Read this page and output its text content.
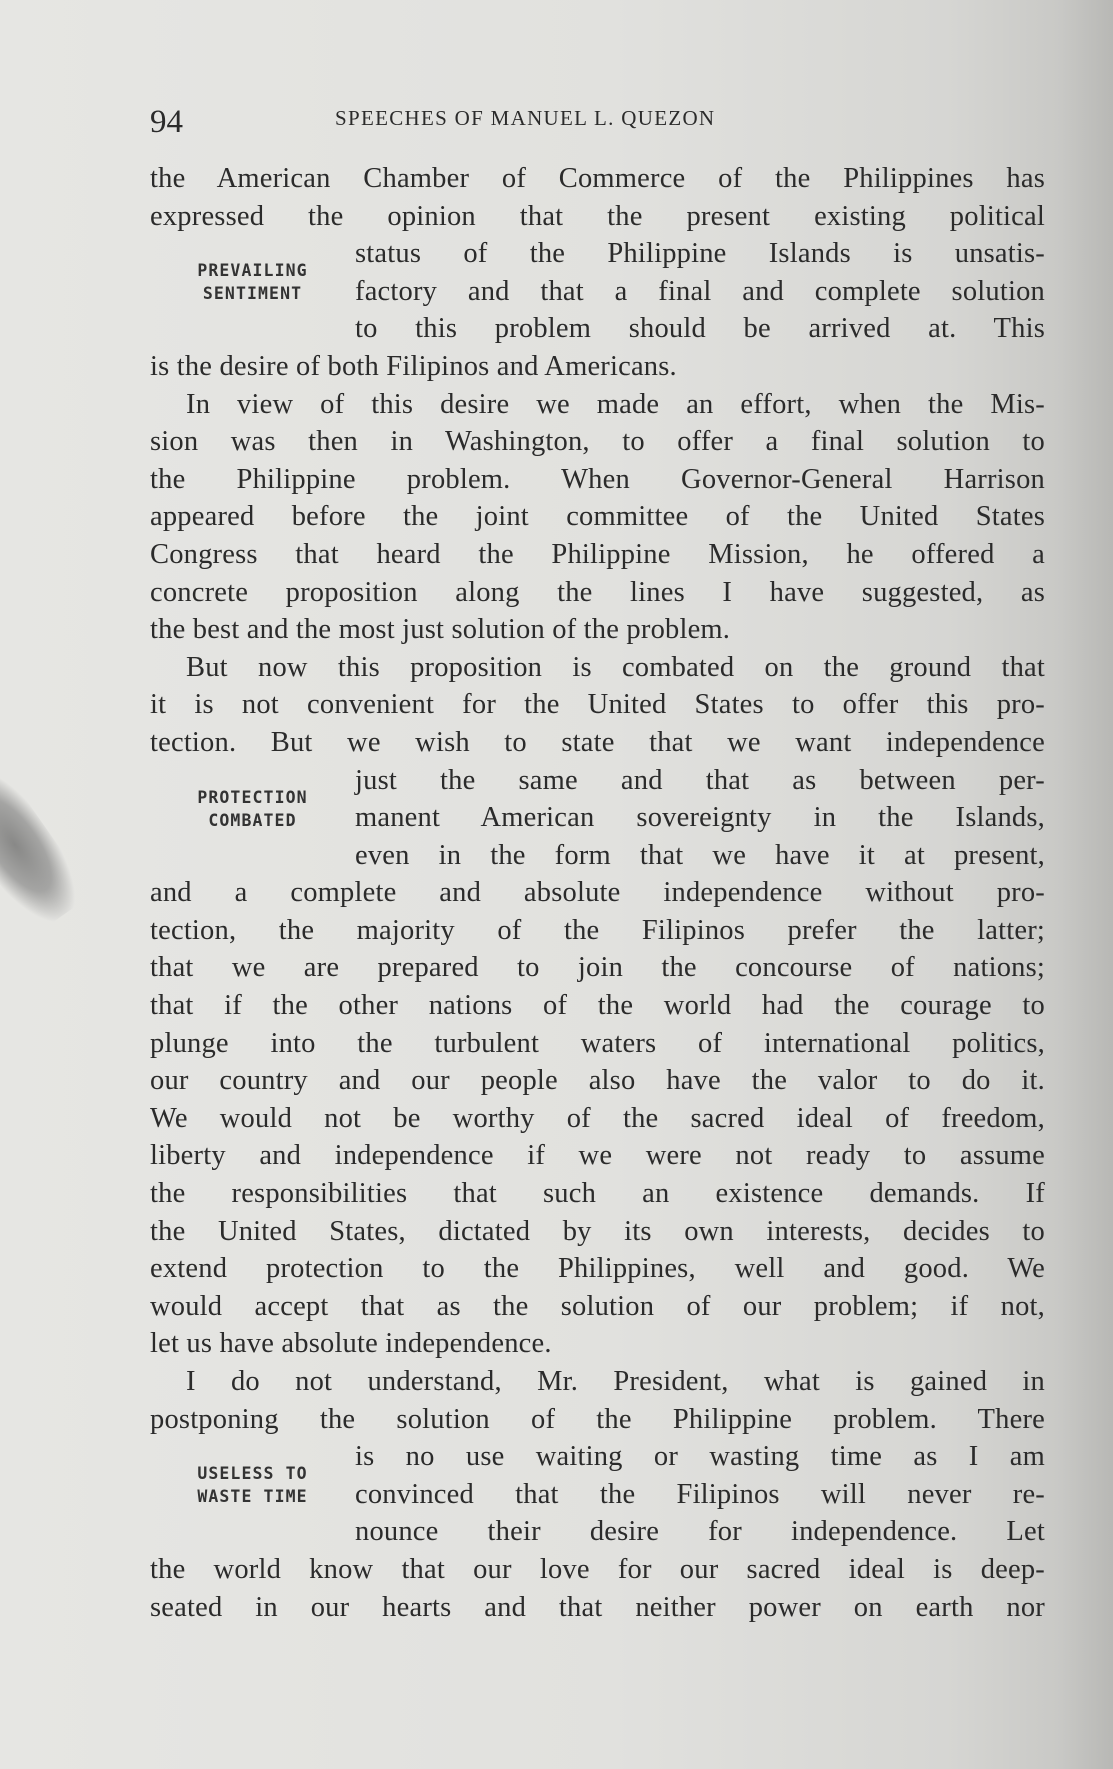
94	SPEECHES OF MANUEL L. QUEZON
the American Chamber of Commerce of the Philippines has
expressed the opinion that the present existing political
PREVAILING
SENTIMENT
status of the Philippine Islands is unsatis-
factory and that a final and complete solution
to this problem should be arrived at. This
is the desire of both Filipinos and Americans.
In view of this desire we made an effort, when the Mis-
sion was then in Washington, to offer a final solution to
the Philippine problem. When Governor-General Harrison
appeared before the joint committee of the United States
Congress that heard the Philippine Mission, he offered a
concrete proposition along the lines I have suggested, as
the best and the most just solution of the problem.
But now this proposition is combated on the ground that
it is not convenient for the United States to offer this pro-
tection. But we wish to state that we want independence
PROTECTION
COMBATED
just the same and that as between per-
manent American sovereignty in the Islands,
even in the form that we have it at present,
and a complete and absolute independence without pro-
tection, the majority of the Filipinos prefer the latter;
that we are prepared to join the concourse of nations;
that if the other nations of the world had the courage to
plunge into the turbulent waters of international politics,
our country and our people also have the valor to do it.
We would not be worthy of the sacred ideal of freedom,
liberty and independence if we were not ready to assume
the responsibilities that such an existence demands. If
the United States, dictated by its own interests, decides to
extend protection to the Philippines, well and good. We
would accept that as the solution of our problem; if not,
let us have absolute independence.
I do not understand, Mr. President, what is gained in
postponing the solution of the Philippine problem. There
USELESS TO
WASTE TIME
is no use waiting or wasting time as I am
convinced that the Filipinos will never re-
nounce their desire for independence. Let
the world know that our love for our sacred ideal is deep-
seated in our hearts and that neither power on earth nor
